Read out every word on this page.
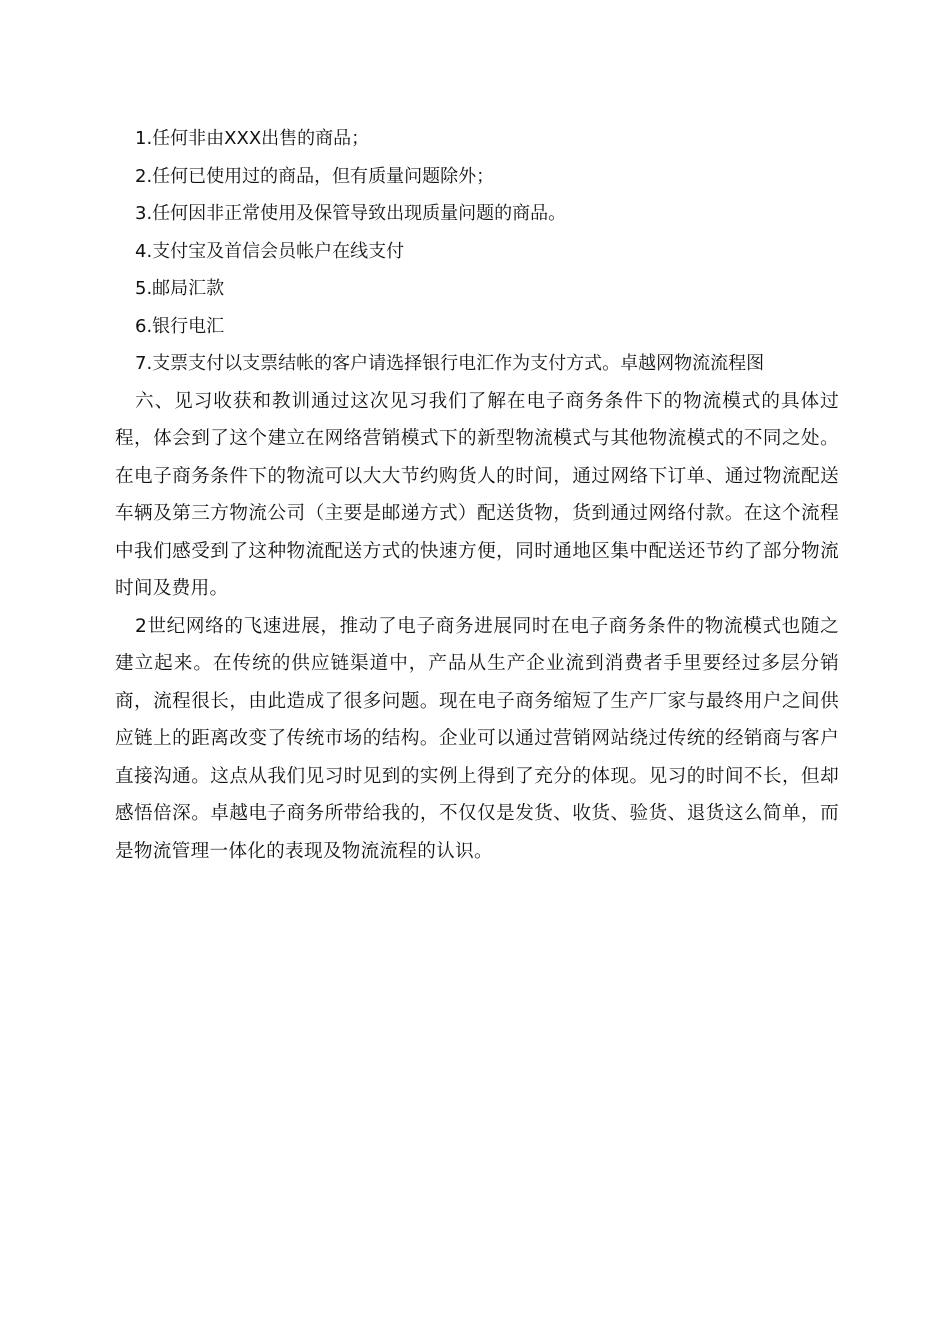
1.任何非由XXX出售的商品；

2.任何已使用过的商品，但有质量问题除外；

3.任何因非正常使用及保管导致出现质量问题的商品。

4.支付宝及首信会员帐户在线支付

5.邮局汇款

6.银行电汇

7.支票支付以支票结帐的客户请选择银行电汇作为支付方式。卓越网物流流程图

六、见习收获和教训通过这次见习我们了解在电子商务条件下的物流模式的具体过程，体会到了这个建立在网络营销模式下的新型物流模式与其他物流模式的不同之处。在电子商务条件下的物流可以大大节约购货人的时间，通过网络下订单、通过物流配送车辆及第三方物流公司（主要是邮递方式）配送货物，货到通过网络付款。在这个流程中我们感受到了这种物流配送方式的快速方便，同时通地区集中配送还节约了部分物流时间及费用。

2世纪网络的飞速进展，推动了电子商务进展同时在电子商务条件的物流模式也随之建立起来。在传统的供应链渠道中，产品从生产企业流到消费者手里要经过多层分销商，流程很长，由此造成了很多问题。现在电子商务缩短了生产厂家与最终用户之间供应链上的距离改变了传统市场的结构。企业可以通过营销网站绕过传统的经销商与客户直接沟通。这点从我们见习时见到的实例上得到了充分的体现。见习的时间不长，但却感悟倍深。卓越电子商务所带给我的，不仅仅是发货、收货、验货、退货这么简单，而是物流管理一体化的表现及物流流程的认识。
